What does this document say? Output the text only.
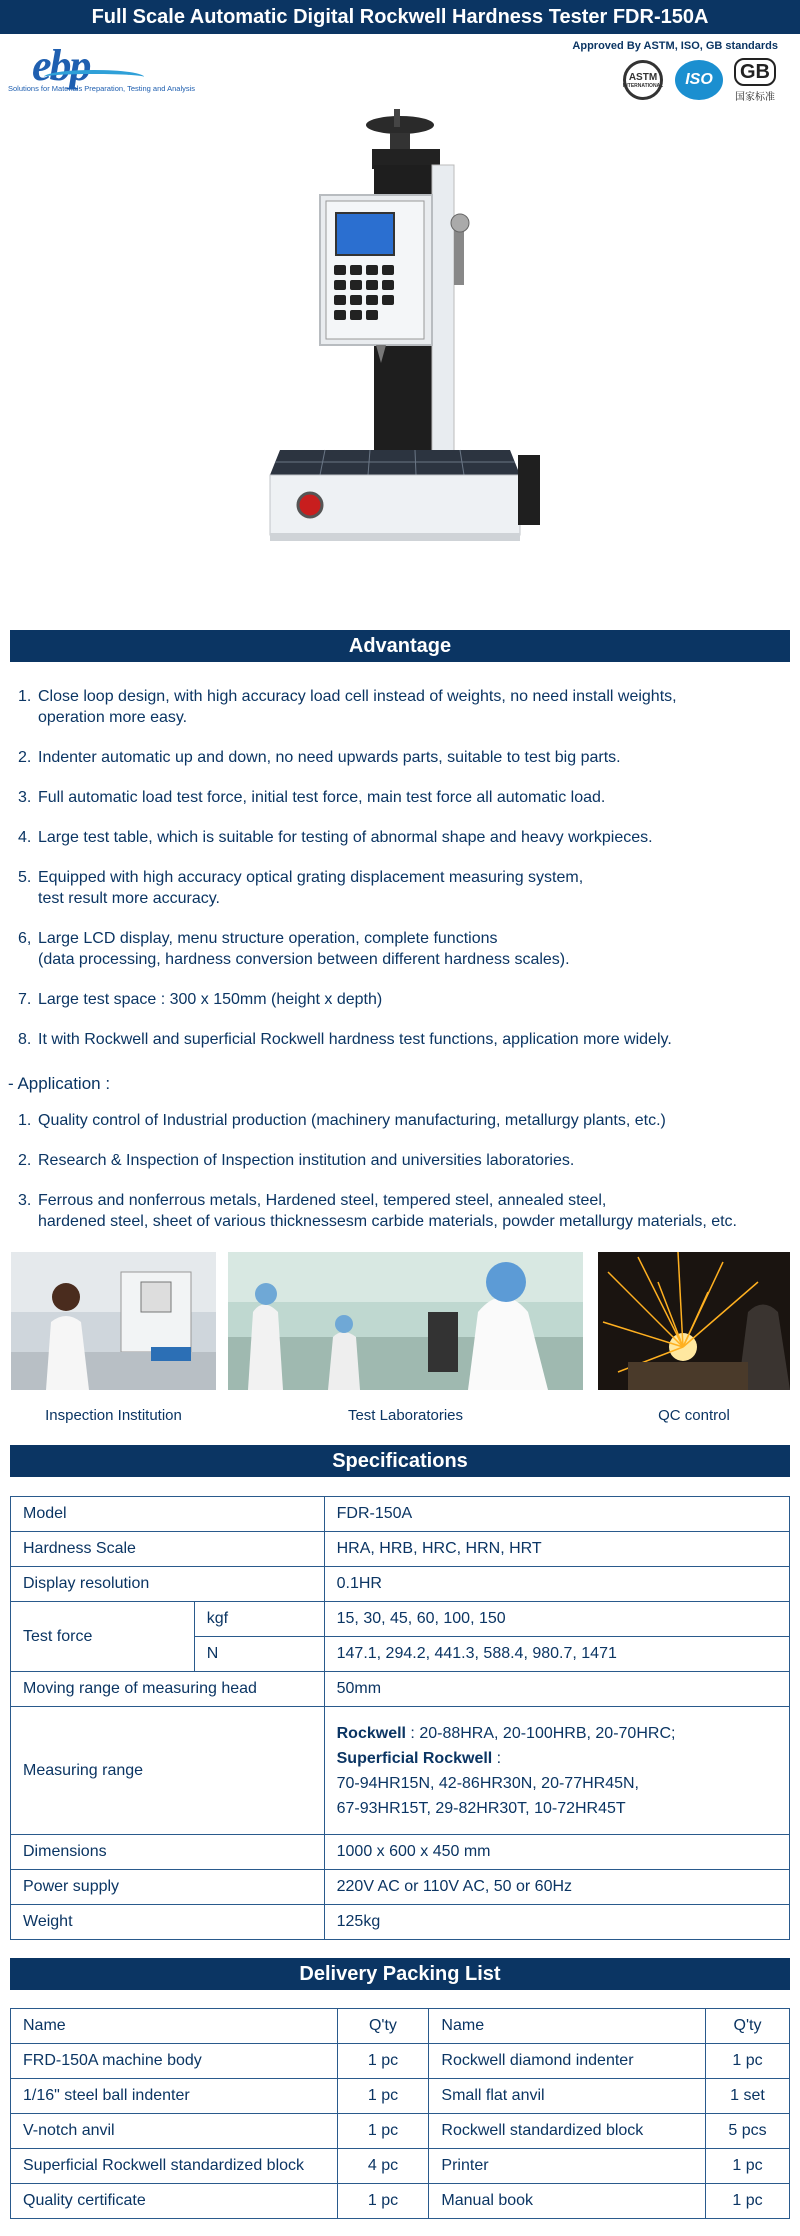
Full Scale Automatic Digital Rockwell Hardness Tester FDR-150A
ebp
Solutions for Materials Preparation, Testing and Analysis
Approved By ASTM, ISO, GB standards
ASTM
INTERNATIONAL	ISO	GB
国家标准
Advantage
1. Close loop design, with high accuracy load cell instead of weights, no need install weights,
operation more easy.
2. Indenter automatic up and down, no need upwards parts, suitable to test big parts.
3. Full automatic load test force, initial test force, main test force all automatic load.
4. Large test table, which is suitable for testing of abnormal shape and heavy workpieces.
5. Equipped with high accuracy optical grating displacement measuring system,
test result more accuracy.
6, Large LCD display, menu structure operation, complete functions
(data processing, hardness conversion between different hardness scales).
7. Large test space : 300 x 150mm (height x depth)
8. It with Rockwell and superficial Rockwell hardness test functions, application more widely.
- Application :
1. Quality control of Industrial production (machinery manufacturing, metallurgy plants, etc.)
2. Research & Inspection of Inspection institution and universities laboratories.
3. Ferrous and nonferrous metals, Hardened steel, tempered steel, annealed steel,
hardened steel, sheet of various thicknessesm carbide materials, powder metallurgy materials, etc.
Inspection Institution	Test Laboratories	QC control
Specifications
Model		FDR-150A
Hardness Scale		HRA, HRB, HRC, HRN, HRT
Display resolution		0.1HR
Test force	kgf	15, 30, 45, 60, 100, 150
	N	147.1, 294.2, 441.3, 588.4, 980.7, 1471
Moving range of measuring head		50mm
Measuring range		Rockwell : 20-88HRA, 20-100HRB, 20-70HRC;
Superficial Rockwell :
70-94HR15N, 42-86HR30N, 20-77HR45N,
67-93HR15T, 29-82HR30T, 10-72HR45T

Dimensions		1000 x 600 x 450 mm
Power supply		220V AC or 110V AC, 50 or 60Hz
Weight		125kg
Delivery Packing List
Name	Q'ty	Name	Q'ty
FRD-150A machine body	1 pc	Rockwell diamond indenter	1 pc
1/16" steel ball indenter	1 pc	Small flat anvil	1 set
V-notch anvil	1 pc	Rockwell standardized block	5 pcs
Superficial Rockwell standardized block	4 pc	Printer	1 pc
Quality certificate	1 pc	Manual book	1 pc
